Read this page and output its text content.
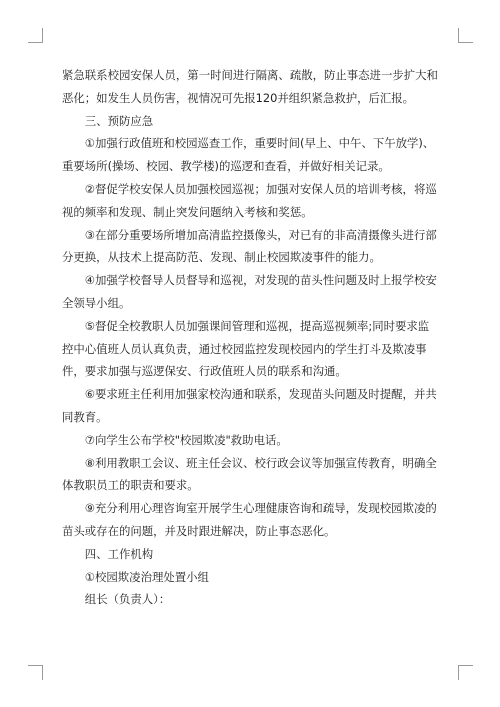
紧急联系校园安保人员，第一时间进行隔离、疏散，防止事态进一步扩大和恶化；如发生人员伤害，视情况可先报120并组织紧急救护，后汇报。

三、预防应急

①加强行政值班和校园巡查工作，重要时间(早上、中午、下午放学)、重要场所(操场、校园、教学楼)的巡逻和查看，并做好相关记录。

②督促学校安保人员加强校园巡视；加强对安保人员的培训考核，将巡视的频率和发现、制止突发问题纳入考核和奖惩。

③在部分重要场所增加高清监控摄像头，对已有的非高清摄像头进行部分更换，从技术上提高防范、发现、制止校园欺凌事件的能力。

④加强学校督导人员督导和巡视，对发现的苗头性问题及时上报学校安全领导小组。

⑤督促全校教职人员加强课间管理和巡视，提高巡视频率;同时要求监控中心值班人员认真负责，通过校园监控发现校园内的学生打斗及欺凌事件，要求加强与巡逻保安、行政值班人员的联系和沟通。

⑥要求班主任利用加强家校沟通和联系，发现苗头问题及时提醒，并共同教育。

⑦向学生公布学校"校园欺凌"救助电话。

⑧利用教职工会议、班主任会议、校行政会议等加强宣传教育，明确全体教职员工的职责和要求。

⑨充分利用心理咨询室开展学生心理健康咨询和疏导，发现校园欺凌的苗头或存在的问题，并及时跟进解决，防止事态恶化。

四、工作机构

①校园欺凌治理处置小组

组长（负责人）：
